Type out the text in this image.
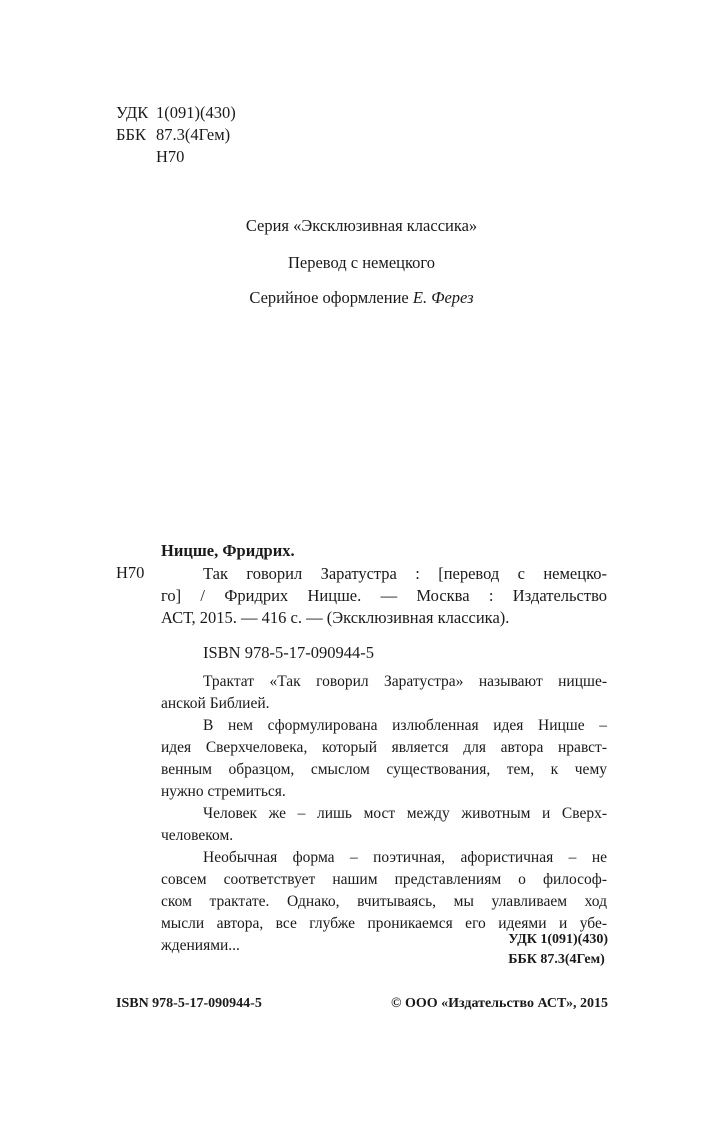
УДК 1(091)(430)
ББК 87.3(4Гем)
Н70
Серия «Эксклюзивная классика»
Перевод с немецкого
Серийное оформление Е. Ферез
Ницше, Фридрих.
Н70	Так говорил Заратустра : [перевод с немецко-
го] / Фридрих Ницше. — Москва : Издательство
АСТ, 2015. — 416 с. — (Эксклюзивная классика).
ISBN 978-5-17-090944-5
Трактат «Так говорил Заратустра» называют ницше-
анской Библией.
В нем сформулирована излюбленная идея Ницше –
идея Сверхчеловека, который является для автора нравст-
венным образцом, смыслом существования, тем, к чему
нужно стремиться.
Человек же – лишь мост между животным и Сверх-
человеком.
Необычная форма – поэтичная, афористичная – не
совсем соответствует нашим представлениям о философ-
ском трактате. Однако, вчитываясь, мы улавливаем ход
мысли автора, все глубже проникаемся его идеями и убе-
ждениями...	УДК 1(091)(430)
ББК 87.3(4Гем)
ISBN 978-5-17-090944-5	© ООО «Издательство АСТ», 2015
